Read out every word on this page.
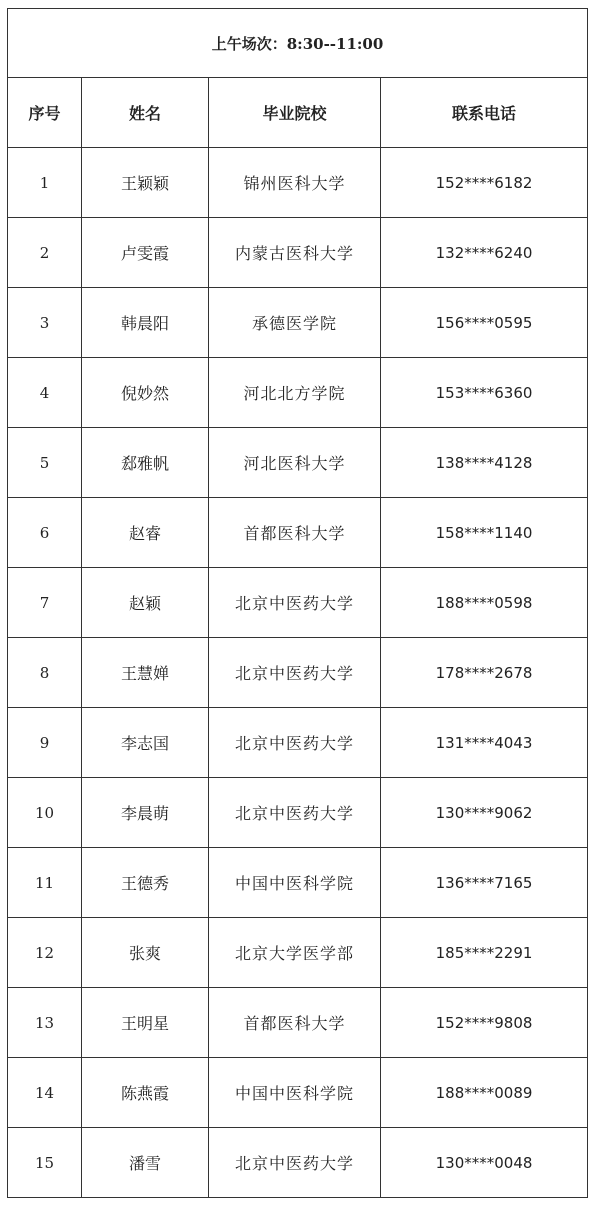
上午场次：8:30--11:00			
序号	姓名	毕业院校	联系电话
1	王颖颖	锦州医科大学	152****6182
2	卢雯霞	内蒙古医科大学	132****6240
3	韩晨阳	承德医学院	156****0595
4	倪妙然	河北北方学院	153****6360
5	郄雅帆	河北医科大学	138****4128
6	赵睿	首都医科大学	158****1140
7	赵颖	北京中医药大学	188****0598
8	王慧婵	北京中医药大学	178****2678
9	李志国	北京中医药大学	131****4043
10	李晨萌	北京中医药大学	130****9062
11	王德秀	中国中医科学院	136****7165
12	张爽	北京大学医学部	185****2291
13	王明星	首都医科大学	152****9808
14	陈燕霞	中国中医科学院	188****0089
15	潘雪	北京中医药大学	130****0048
